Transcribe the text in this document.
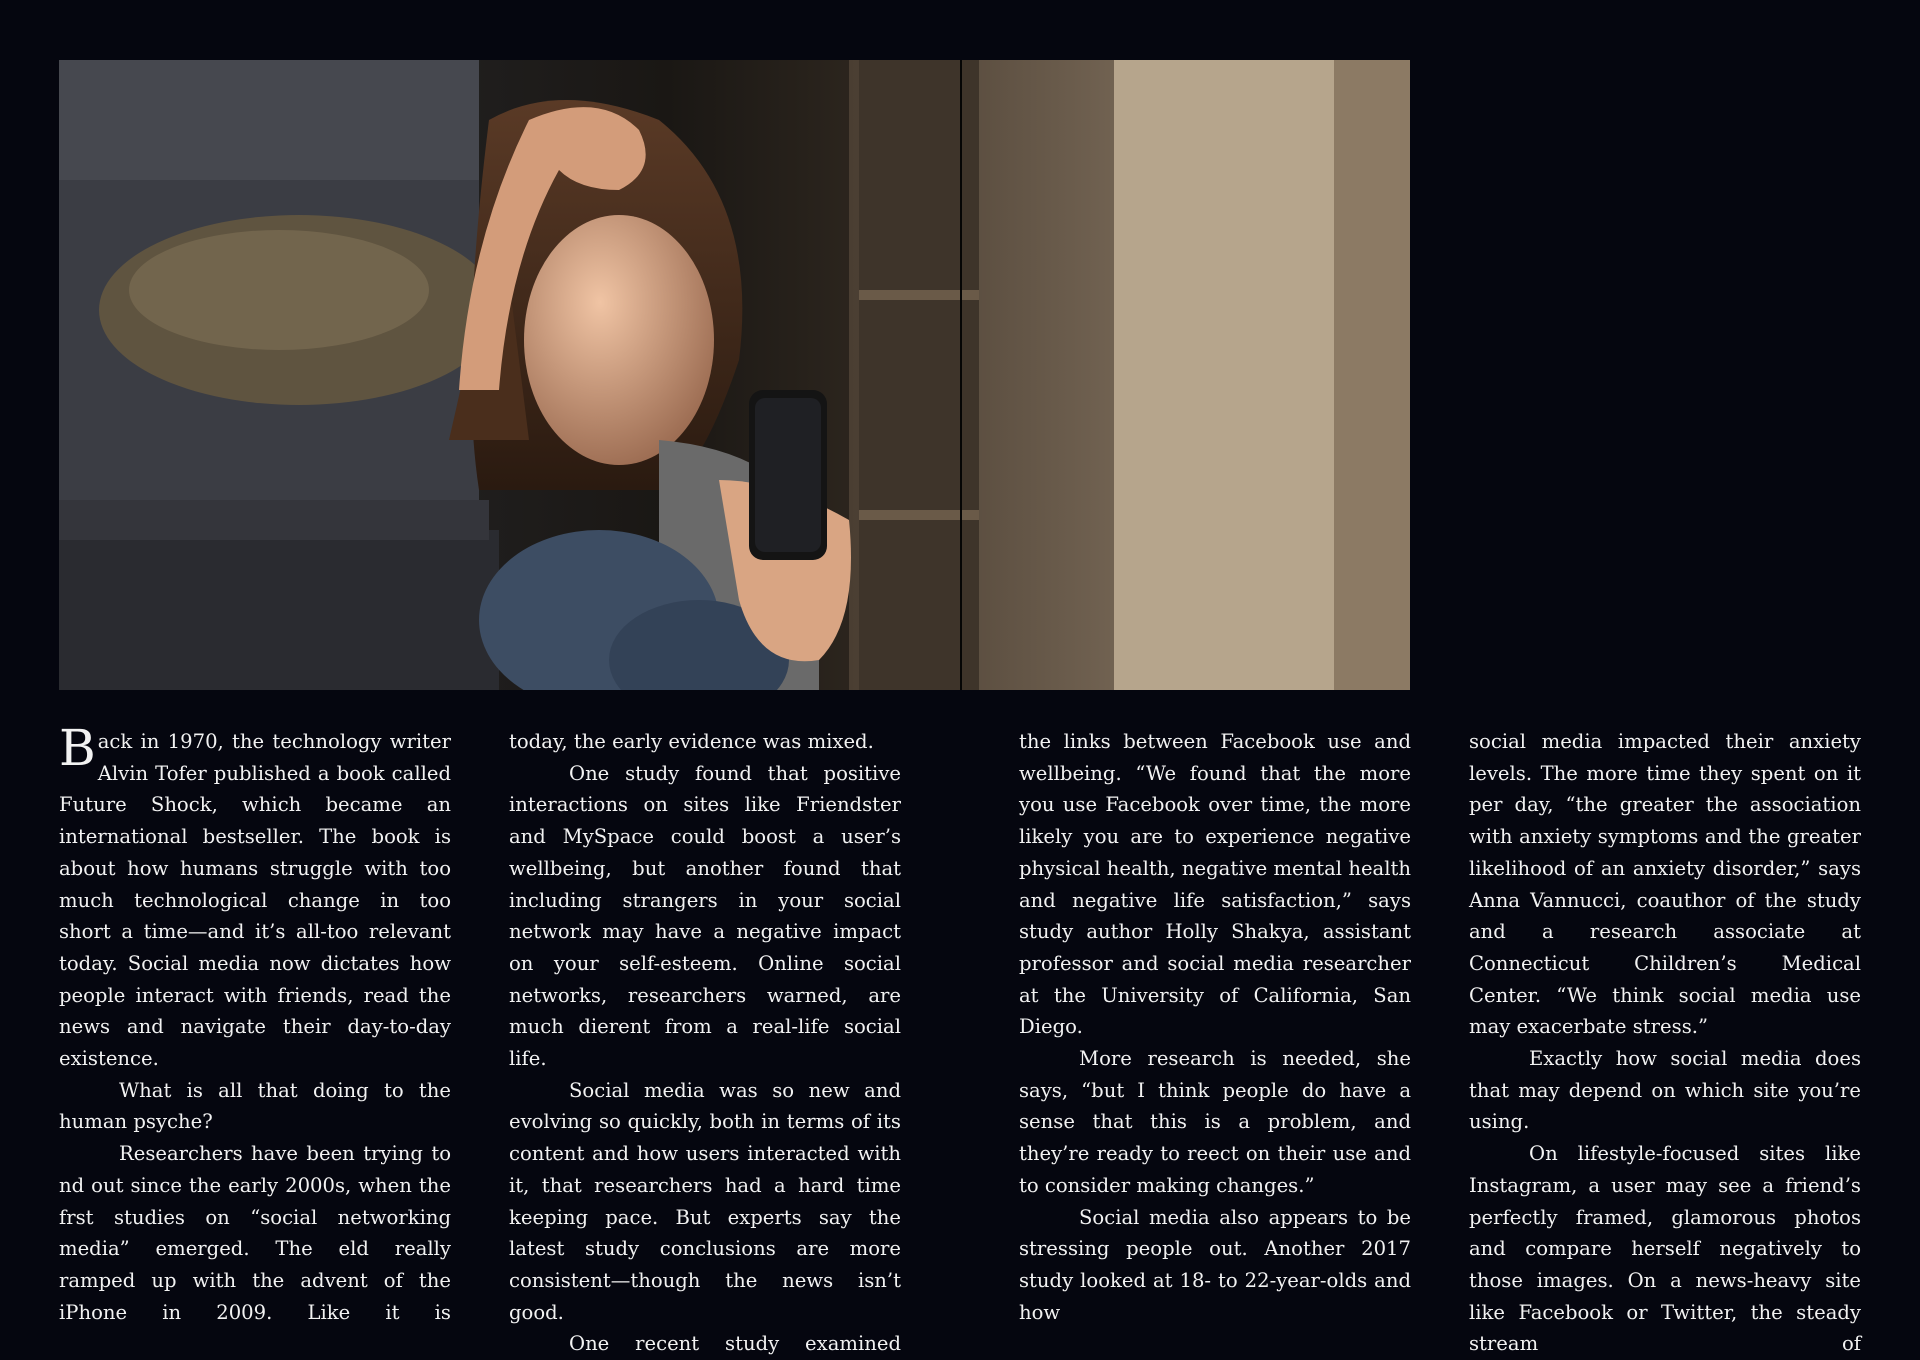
Back in 1970, the technology writer Alvin Tofer published a book called Future Shock, which became an international bestseller. The book is about how humans struggle with too much technological change in too short a time—and it’s all-too relevant today. Social media now dictates how people interact with friends, read the news and navigate their day-to-day existence.

What is all that doing to the human psyche?

Researchers have been trying to nd out since the early 2000s, when the frst studies on “social networking media” emerged. The eld really ramped up with the advent of the iPhone in 2009. Like it is

today, the early evidence was mixed.

One study found that positive interactions on sites like Friendster and MySpace could boost a user’s wellbeing, but another found that including strangers in your social network may have a negative impact on your self-esteem. Online social networks, researchers warned, are much dierent from a real-life social life.

Social media was so new and evolving so quickly, both in terms of its content and how users interacted with it, that researchers had a hard time keeping pace. But experts say the latest study conclusions are more consistent—though the news isn’t good.

One recent study examined

the links between Facebook use and wellbeing. “We found that the more you use Facebook over time, the more likely you are to experience negative physical health, negative mental health and negative life satisfaction,” says study author Holly Shakya, assistant professor and social media researcher at the University of California, San Diego.

More research is needed, she says, “but I think people do have a sense that this is a problem, and they’re ready to reect on their use and to consider making changes.”

Social media also appears to be stressing people out. Another 2017 study looked at 18- to 22-year-olds and how

social media impacted their anxiety levels. The more time they spent on it per day, “the greater the association with anxiety symptoms and the greater likelihood of an anxiety disorder,” says Anna Vannucci, coauthor of the study and a research associate at Connecticut Children’s Medical Center. “We think social media use may exacerbate stress.”

Exactly how social media does that may depend on which site you’re using.

On lifestyle-focused sites like Instagram, a user may see a friend’s perfectly framed, glamorous photos and compare herself negatively to those images. On a news-heavy site like Facebook or Twitter, the steady stream of
